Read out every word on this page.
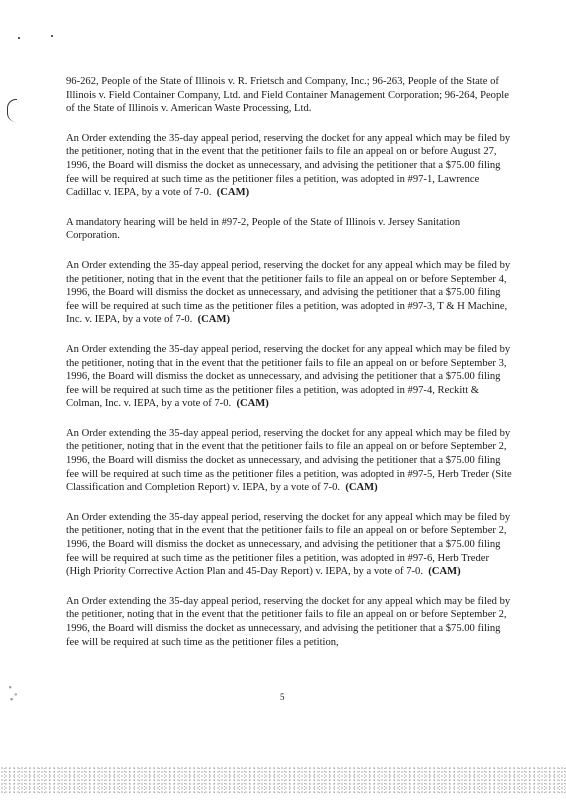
96-262, People of the State of Illinois v. R. Frietsch and Company, Inc.; 96-263, People of the State of Illinois v. Field Container Company, Ltd. and Field Container Management Corporation; 96-264, People of the State of Illinois v. American Waste Processing, Ltd.

An Order extending the 35-day appeal period, reserving the docket for any appeal which may be filed by the petitioner, noting that in the event that the petitioner fails to file an appeal on or before August 27, 1996, the Board will dismiss the docket as unnecessary, and advising the petitioner that a $75.00 filing fee will be required at such time as the petitioner files a petition, was adopted in #97-1, Lawrence Cadillac v. IEPA, by a vote of 7-0. (CAM)

A mandatory hearing will be held in #97-2, People of the State of Illinois v. Jersey Sanitation Corporation.

An Order extending the 35-day appeal period, reserving the docket for any appeal which may be filed by the petitioner, noting that in the event that the petitioner fails to file an appeal on or before September 4, 1996, the Board will dismiss the docket as unnecessary, and advising the petitioner that a $75.00 filing fee will be required at such time as the petitioner files a petition, was adopted in #97-3, T & H Machine, Inc. v. IEPA, by a vote of 7-0. (CAM)

An Order extending the 35-day appeal period, reserving the docket for any appeal which may be filed by the petitioner, noting that in the event that the petitioner fails to file an appeal on or before September 3, 1996, the Board will dismiss the docket as unnecessary, and advising the petitioner that a $75.00 filing fee will be required at such time as the petitioner files a petition, was adopted in #97-4, Reckitt & Colman, Inc. v. IEPA, by a vote of 7-0. (CAM)

An Order extending the 35-day appeal period, reserving the docket for any appeal which may be filed by the petitioner, noting that in the event that the petitioner fails to file an appeal on or before September 2, 1996, the Board will dismiss the docket as unnecessary, and advising the petitioner that a $75.00 filing fee will be required at such time as the petitioner files a petition, was adopted in #97-5, Herb Treder (Site Classification and Completion Report) v. IEPA, by a vote of 7-0. (CAM)

An Order extending the 35-day appeal period, reserving the docket for any appeal which may be filed by the petitioner, noting that in the event that the petitioner fails to file an appeal on or before September 2, 1996, the Board will dismiss the docket as unnecessary, and advising the petitioner that a $75.00 filing fee will be required at such time as the petitioner files a petition, was adopted in #97-6, Herb Treder (High Priority Corrective Action Plan and 45-Day Report) v. IEPA, by a vote of 7-0. (CAM)

An Order extending the 35-day appeal period, reserving the docket for any appeal which may be filed by the petitioner, noting that in the event that the petitioner fails to file an appeal on or before September 2, 1996, the Board will dismiss the docket as unnecessary, and advising the petitioner that a $75.00 filing fee will be required at such time as the petitioner files a petition,

5
